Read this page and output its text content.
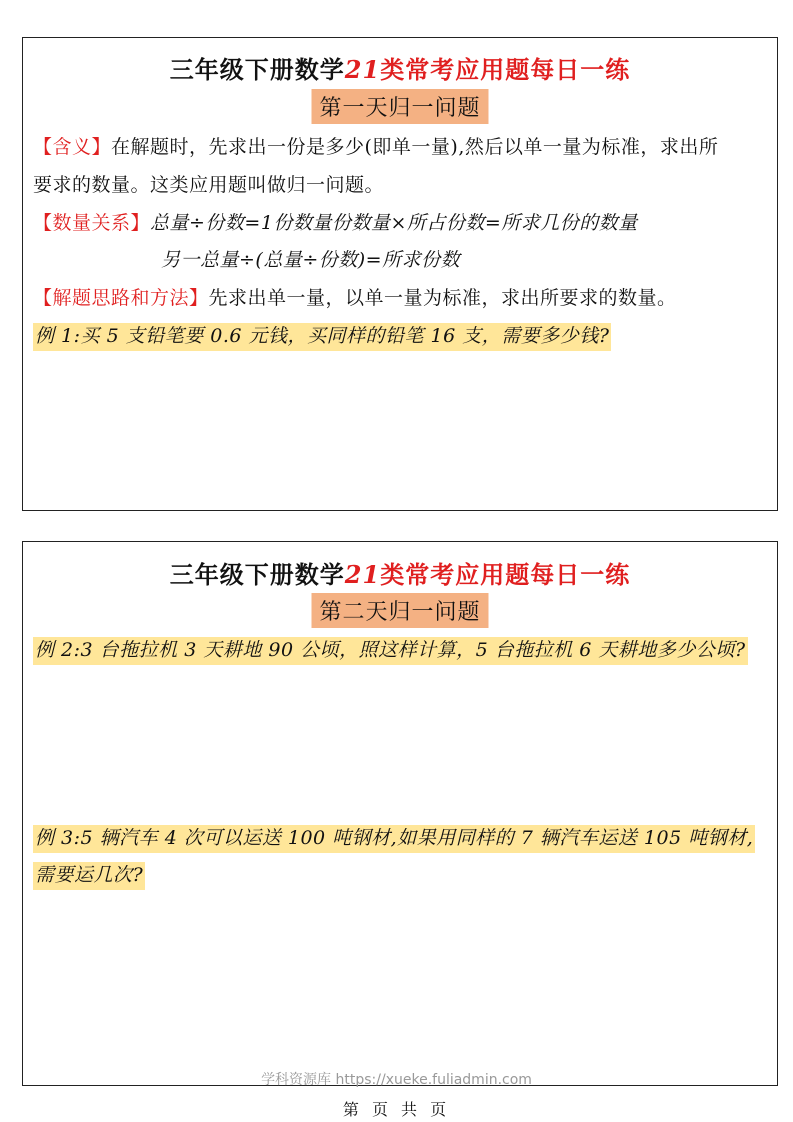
三年级下册数学21类常考应用题每日一练
第一天归一问题
【含义】在解题时，先求出一份是多少(即单一量),然后以单一量为标准，求出所
要求的数量。这类应用题叫做归一问题。
【数量关系】总量÷份数=1份数量份数量×所占份数=所求几份的数量
另一总量÷(总量÷份数)=所求份数
【解题思路和方法】先求出单一量，以单一量为标准，求出所要求的数量。
例 1:买 5 支铅笔要 0.6 元钱，买同样的铅笔 16 支，需要多少钱?
三年级下册数学21类常考应用题每日一练
第二天归一问题
例 2:3 台拖拉机 3 天耕地 90 公顷，照这样计算，5 台拖拉机 6 天耕地多少公顷?
例 3:5 辆汽车 4 次可以运送 100 吨钢材,如果用同样的 7 辆汽车运送 105 吨钢材,
需要运几次?
学科资源库 https://xueke.fuliadmin.com
第 页 共 页
